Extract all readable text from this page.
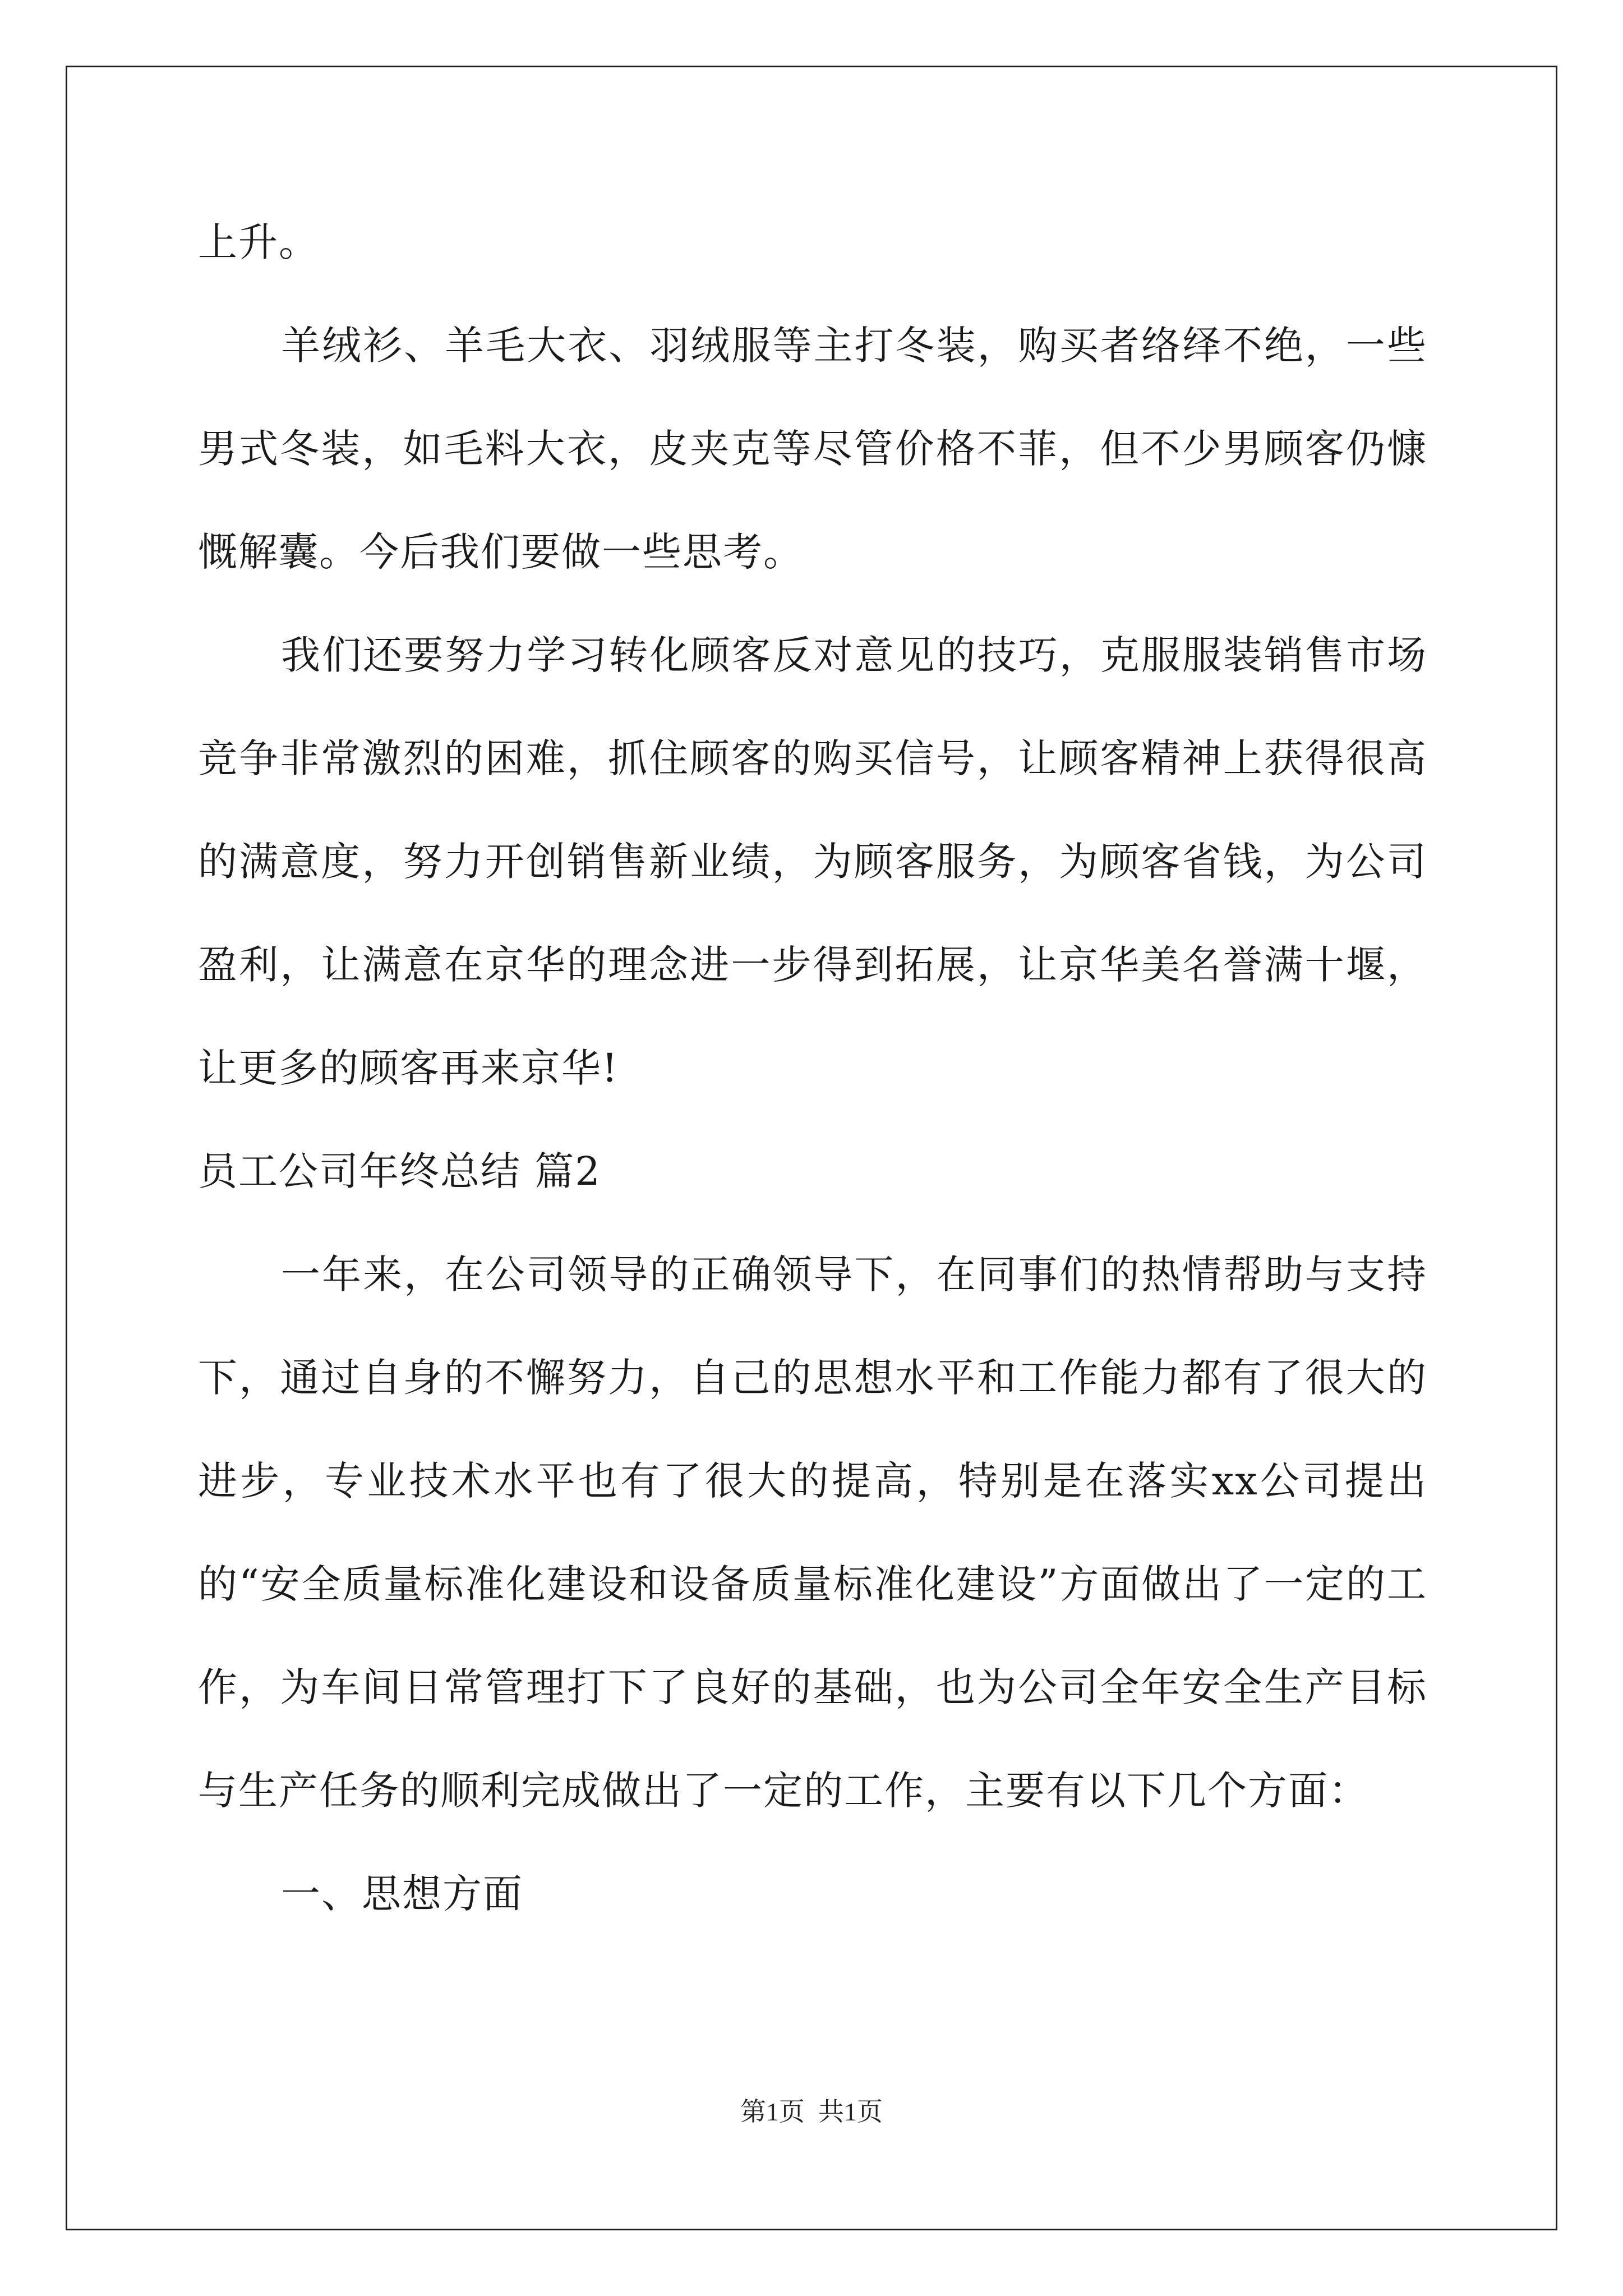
上升。

羊绒衫、羊毛大衣、羽绒服等主打冬装，购买者络绎不绝，一些男式冬装，如毛料大衣，皮夹克等尽管价格不菲，但不少男顾客仍慷慨解囊。今后我们要做一些思考。

我们还要努力学习转化顾客反对意见的技巧，克服服装销售市场竞争非常激烈的困难，抓住顾客的购买信号，让顾客精神上获得很高的满意度，努力开创销售新业绩，为顾客服务，为顾客省钱，为公司盈利，让满意在京华的理念进一步得到拓展，让京华美名誉满十堰，让更多的顾客再来京华!

员工公司年终总结 篇2

一年来，在公司领导的正确领导下，在同事们的热情帮助与支持下，通过自身的不懈努力，自己的思想水平和工作能力都有了很大的进步，专业技术水平也有了很大的提高，特别是在落实xx公司提出的“安全质量标准化建设和设备质量标准化建设”方面做出了一定的工作，为车间日常管理打下了良好的基础，也为公司全年安全生产目标与生产任务的顺利完成做出了一定的工作，主要有以下几个方面：

一、思想方面

第1页 共1页
